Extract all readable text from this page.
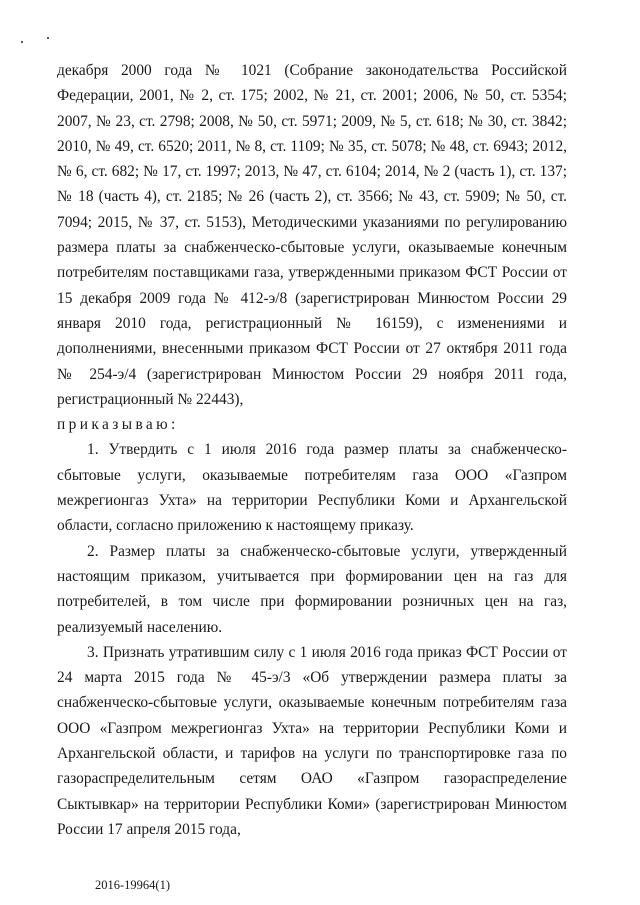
декабря 2000 года № 1021 (Собрание законодательства Российской Федерации, 2001, № 2, ст. 175; 2002, № 21, ст. 2001; 2006, № 50, ст. 5354; 2007, № 23, ст. 2798; 2008, № 50, ст. 5971; 2009, № 5, ст. 618; № 30, ст. 3842; 2010, № 49, ст. 6520; 2011, № 8, ст. 1109; № 35, ст. 5078; № 48, ст. 6943; 2012, № 6, ст. 682; № 17, ст. 1997; 2013, № 47, ст. 6104; 2014, № 2 (часть 1), ст. 137; № 18 (часть 4), ст. 2185; № 26 (часть 2), ст. 3566; № 43, ст. 5909; № 50, ст. 7094; 2015, № 37, ст. 5153), Методическими указаниями по регулированию размера платы за снабженческо-сбытовые услуги, оказываемые конечным потребителям поставщиками газа, утвержденными приказом ФСТ России от 15 декабря 2009 года № 412-э/8 (зарегистрирован Минюстом России 29 января 2010 года, регистрационный № 16159), с изменениями и дополнениями, внесенными приказом ФСТ России от 27 октября 2011 года № 254-э/4 (зарегистрирован Минюстом России 29 ноября 2011 года, регистрационный № 22443),

приказываю:

1. Утвердить с 1 июля 2016 года размер платы за снабженческо-сбытовые услуги, оказываемые потребителям газа ООО «Газпром межрегионгаз Ухта» на территории Республики Коми и Архангельской области, согласно приложению к настоящему приказу.

2. Размер платы за снабженческо-сбытовые услуги, утвержденный настоящим приказом, учитывается при формировании цен на газ для потребителей, в том числе при формировании розничных цен на газ, реализуемый населению.

3. Признать утратившим силу с 1 июля 2016 года приказ ФСТ России от 24 марта 2015 года № 45-э/3 «Об утверждении размера платы за снабженческо-сбытовые услуги, оказываемые конечным потребителям газа ООО «Газпром межрегионгаз Ухта» на территории Республики Коми и Архангельской области, и тарифов на услуги по транспортировке газа по газораспределительным сетям ОАО «Газпром газораспределение Сыктывкар» на территории Республики Коми» (зарегистрирован Минюстом России 17 апреля 2015 года,

2016-19964(1)
